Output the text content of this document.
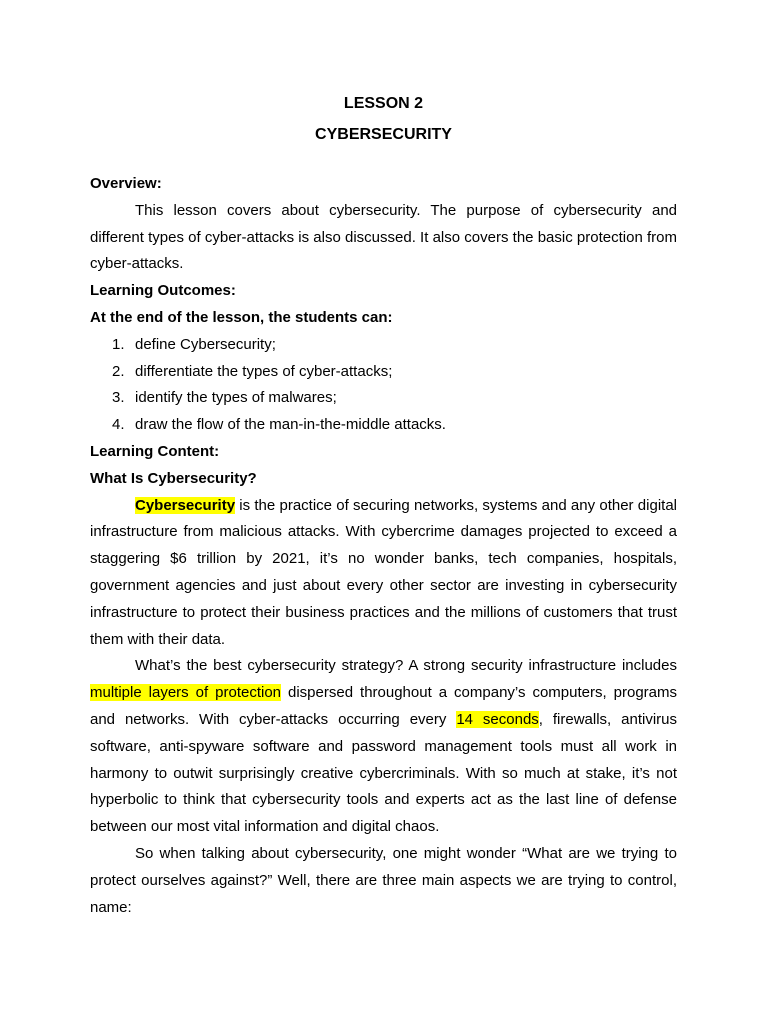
LESSON 2

CYBERSECURITY

Overview:

This lesson covers about cybersecurity. The purpose of cybersecurity and different types of cyber-attacks is also discussed. It also covers the basic protection from cyber-attacks.

Learning Outcomes:

At the end of the lesson, the students can:

1. define Cybersecurity;
2. differentiate the types of cyber-attacks;
3. identify the types of malwares;
4. draw the flow of the man-in-the-middle attacks.

Learning Content:

What Is Cybersecurity?

Cybersecurity is the practice of securing networks, systems and any other digital infrastructure from malicious attacks. With cybercrime damages projected to exceed a staggering $6 trillion by 2021, it’s no wonder banks, tech companies, hospitals, government agencies and just about every other sector are investing in cybersecurity infrastructure to protect their business practices and the millions of customers that trust them with their data.

What’s the best cybersecurity strategy? A strong security infrastructure includes multiple layers of protection dispersed throughout a company’s computers, programs and networks. With cyber-attacks occurring every 14 seconds, firewalls, antivirus software, anti-spyware software and password management tools must all work in harmony to outwit surprisingly creative cybercriminals. With so much at stake, it’s not hyperbolic to think that cybersecurity tools and experts act as the last line of defense between our most vital information and digital chaos.

So when talking about cybersecurity, one might wonder “What are we trying to protect ourselves against?” Well, there are three main aspects we are trying to control, name:
